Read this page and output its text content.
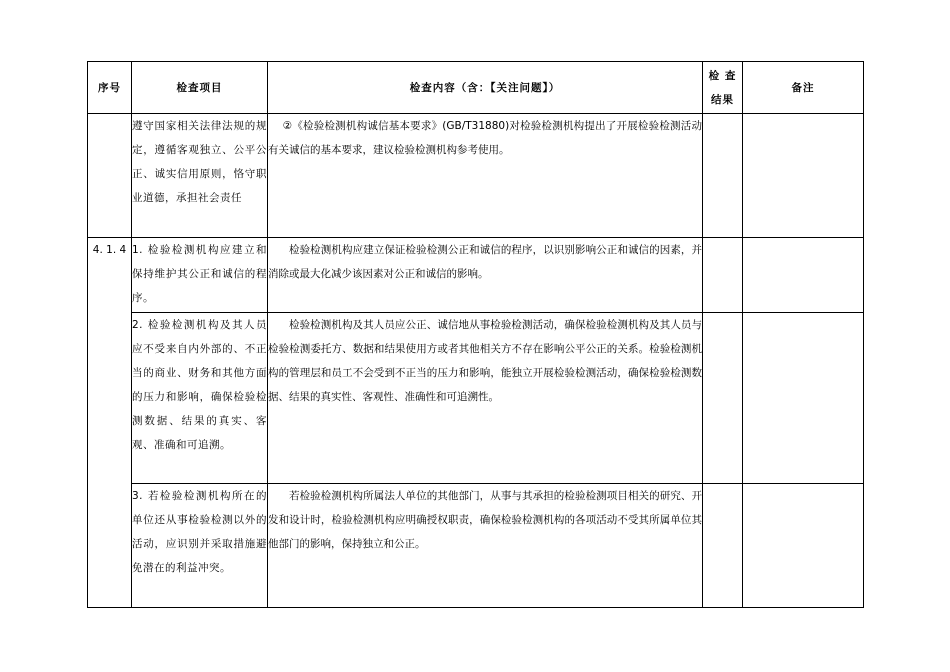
序号	检查项目	检查内容（含：【关注问题】）	检 查 结果	备注
	遵守国家相关法律法规的规定，遵循客观独立、公平公正、诚实信用原则，恪守职业道德，承担社会责任	②《检验检测机构诚信基本要求》(GB/T31880)对检验检测机构提出了开展检验检测活动有关诚信的基本要求，建议检验检测机构参考使用。		

4. 1. 4	1. 检验检测机构应建立和保持维护其公正和诚信的程序。	检验检测机构应建立保证检验检测公正和诚信的程序，以识别影响公正和诚信的因素，并消除或最大化减少该因素对公正和诚信的影响。		

	2. 检验检测机构及其人员应不受来自内外部的、不正当的商业、财务和其他方面的压力和影响，确保检验检测数据、结果的真实、客观、准确和可追溯。	检验检测机构及其人员应公正、诚信地从事检验检测活动，确保检验检测机构及其人员与检验检测委托方、数据和结果使用方或者其他相关方不存在影响公平公正的关系。检验检测机构的管理层和员工不会受到不正当的压力和影响，能独立开展检验检测活动，确保检验检测数据、结果的真实性、客观性、准确性和可追溯性。		

	3. 若检验检测机构所在的单位还从事检验检测以外的活动，应识别并采取措施避免潜在的利益冲突。	若检验检测机构所属法人单位的其他部门，从事与其承担的检验检测项目相关的研究、开发和设计时，检验检测机构应明确授权职责，确保检验检测机构的各项活动不受其所属单位其他部门的影响，保持独立和公正。		
